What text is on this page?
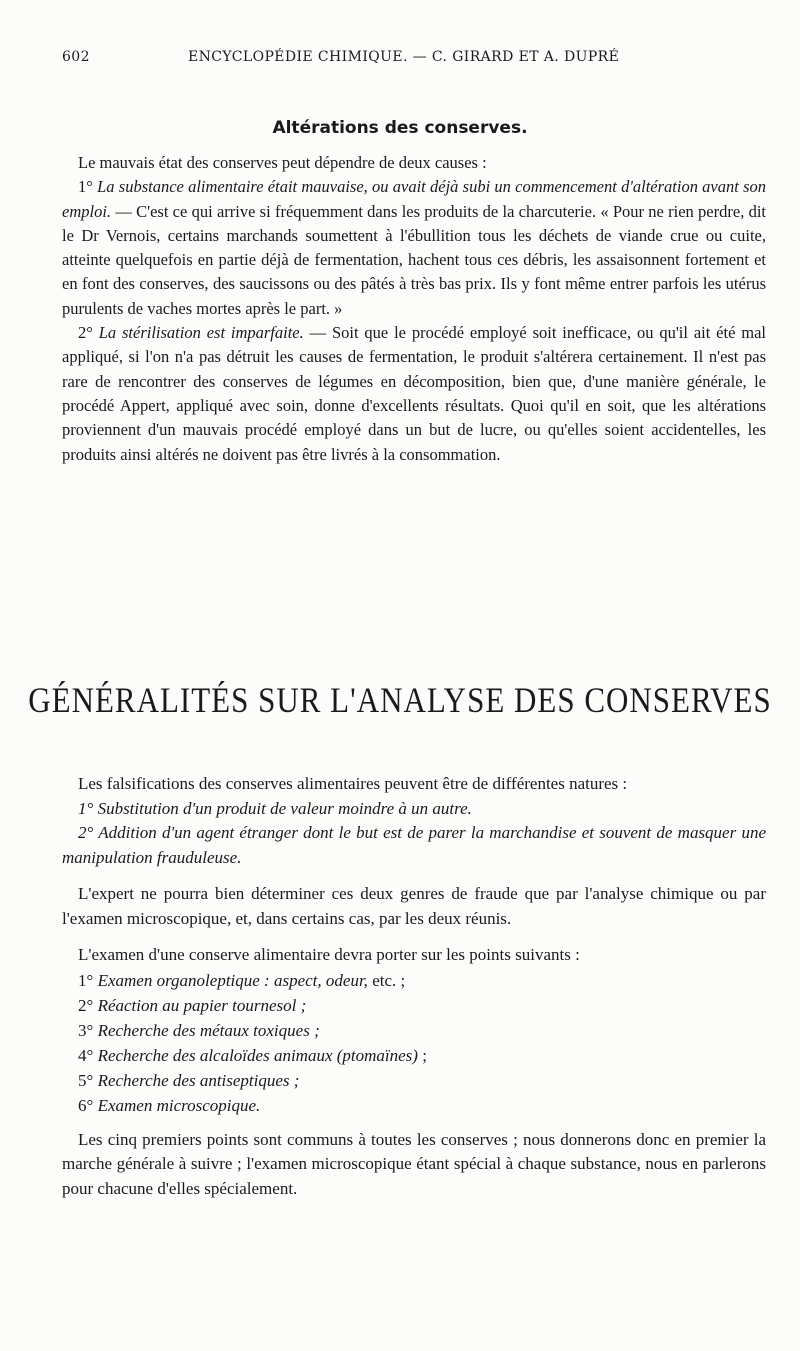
602	ENCYCLOPÉDIE CHIMIQUE. — C. GIRARD ET A. DUPRÉ
Altérations des conserves.

Le mauvais état des conserves peut dépendre de deux causes :

1° La substance alimentaire était mauvaise, ou avait déjà subi un commencement d'altération avant son emploi. — C'est ce qui arrive si fréquemment dans les produits de la charcuterie. « Pour ne rien perdre, dit le Dr Vernois, certains marchands soumettent à l'ébullition tous les déchets de viande crue ou cuite, atteinte quelquefois en partie déjà de fermentation, hachent tous ces débris, les assaisonnent fortement et en font des conserves, des saucissons ou des pâtés à très bas prix. Ils y font même entrer parfois les utérus purulents de vaches mortes après le part. »

2° La stérilisation est imparfaite. — Soit que le procédé employé soit inefficace, ou qu'il ait été mal appliqué, si l'on n'a pas détruit les causes de fermentation, le produit s'altérera certainement. Il n'est pas rare de rencontrer des conserves de légumes en décomposition, bien que, d'une manière générale, le procédé Appert, appliqué avec soin, donne d'excellents résultats. Quoi qu'il en soit, que les altérations proviennent d'un mauvais procédé employé dans un but de lucre, ou qu'elles soient accidentelles, les produits ainsi altérés ne doivent pas être livrés à la consommation.

GÉNÉRALITÉS SUR L'ANALYSE DES CONSERVES

Les falsifications des conserves alimentaires peuvent être de différentes natures :

1° Substitution d'un produit de valeur moindre à un autre.

2° Addition d'un agent étranger dont le but est de parer la marchandise et souvent de masquer une manipulation frauduleuse.

L'expert ne pourra bien déterminer ces deux genres de fraude que par l'analyse chimique ou par l'examen microscopique, et, dans certains cas, par les deux réunis.

L'examen d'une conserve alimentaire devra porter sur les points suivants :

1° Examen organoleptique : aspect, odeur, etc. ;
2° Réaction au papier tournesol ;
3° Recherche des métaux toxiques ;
4° Recherche des alcaloïdes animaux (ptomaïnes) ;
5° Recherche des antiseptiques ;
6° Examen microscopique.

Les cinq premiers points sont communs à toutes les conserves ; nous donnerons donc en premier la marche générale à suivre ; l'examen microscopique étant spécial à chaque substance, nous en parlerons pour chacune d'elles spécialement.
